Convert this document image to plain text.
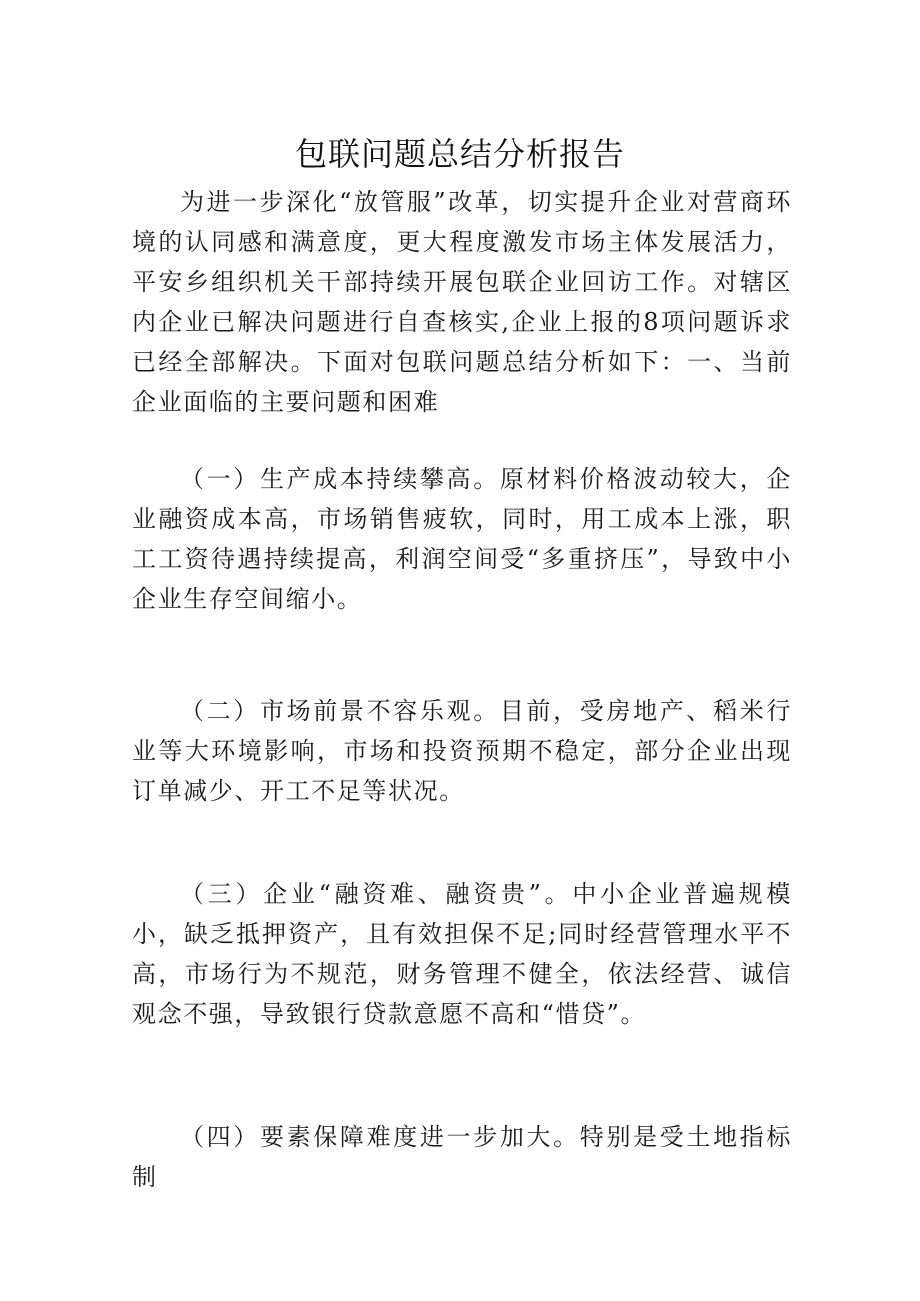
包联问题总结分析报告

为进一步深化“放管服”改革，切实提升企业对营商环境的认同感和满意度，更大程度激发市场主体发展活力，平安乡组织机关干部持续开展包联企业回访工作。对辖区内企业已解决问题进行自查核实,企业上报的8项问题诉求已经全部解决。下面对包联问题总结分析如下：一、当前企业面临的主要问题和困难

（一）生产成本持续攀高。原材料价格波动较大，企业融资成本高，市场销售疲软，同时，用工成本上涨，职工工资待遇持续提高，利润空间受“多重挤压”，导致中小企业生存空间缩小。

（二）市场前景不容乐观。目前，受房地产、稻米行业等大环境影响，市场和投资预期不稳定，部分企业出现订单减少、开工不足等状况。

（三）企业“融资难、融资贵”。中小企业普遍规模小，缺乏抵押资产，且有效担保不足;同时经营管理水平不高，市场行为不规范，财务管理不健全，依法经营、诚信观念不强，导致银行贷款意愿不高和“惜贷”。

（四）要素保障难度进一步加大。特别是受土地指标制
